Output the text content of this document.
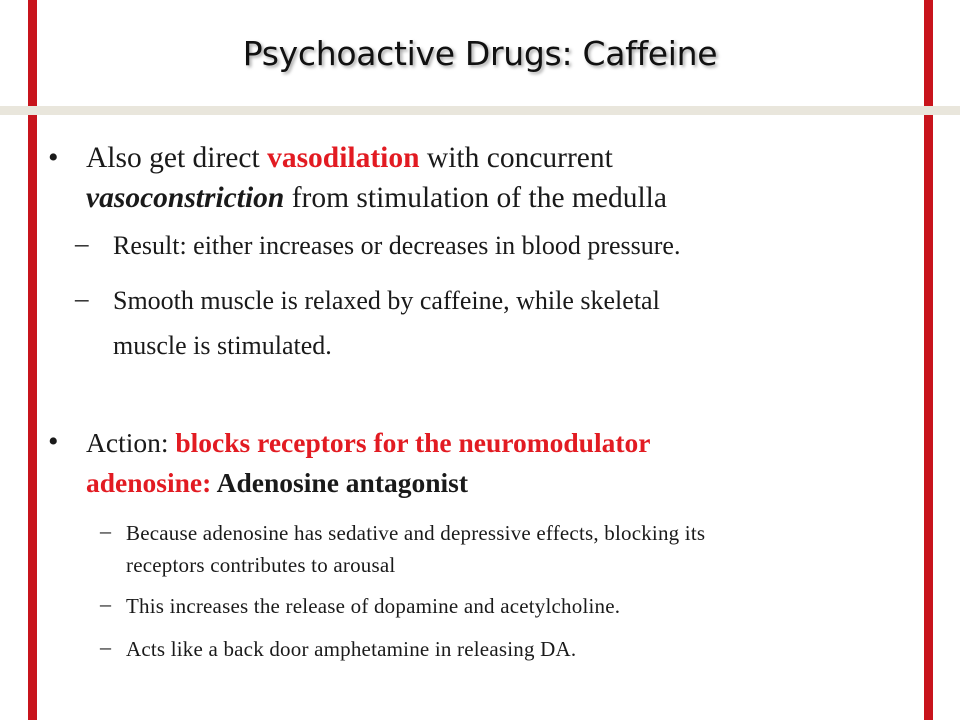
Psychoactive Drugs: Caffeine
• Also get direct vasodilation with concurrent
vasoconstriction from stimulation of the medulla
– Result: either increases or decreases in blood pressure.
– Smooth muscle is relaxed by caffeine, while skeletal
muscle is stimulated.
• Action: blocks receptors for the neuromodulator
adenosine: Adenosine antagonist
– Because adenosine has sedative and depressive effects, blocking its
receptors contributes to arousal
– This increases the release of dopamine and acetylcholine.
– Acts like a back door amphetamine in releasing DA.
